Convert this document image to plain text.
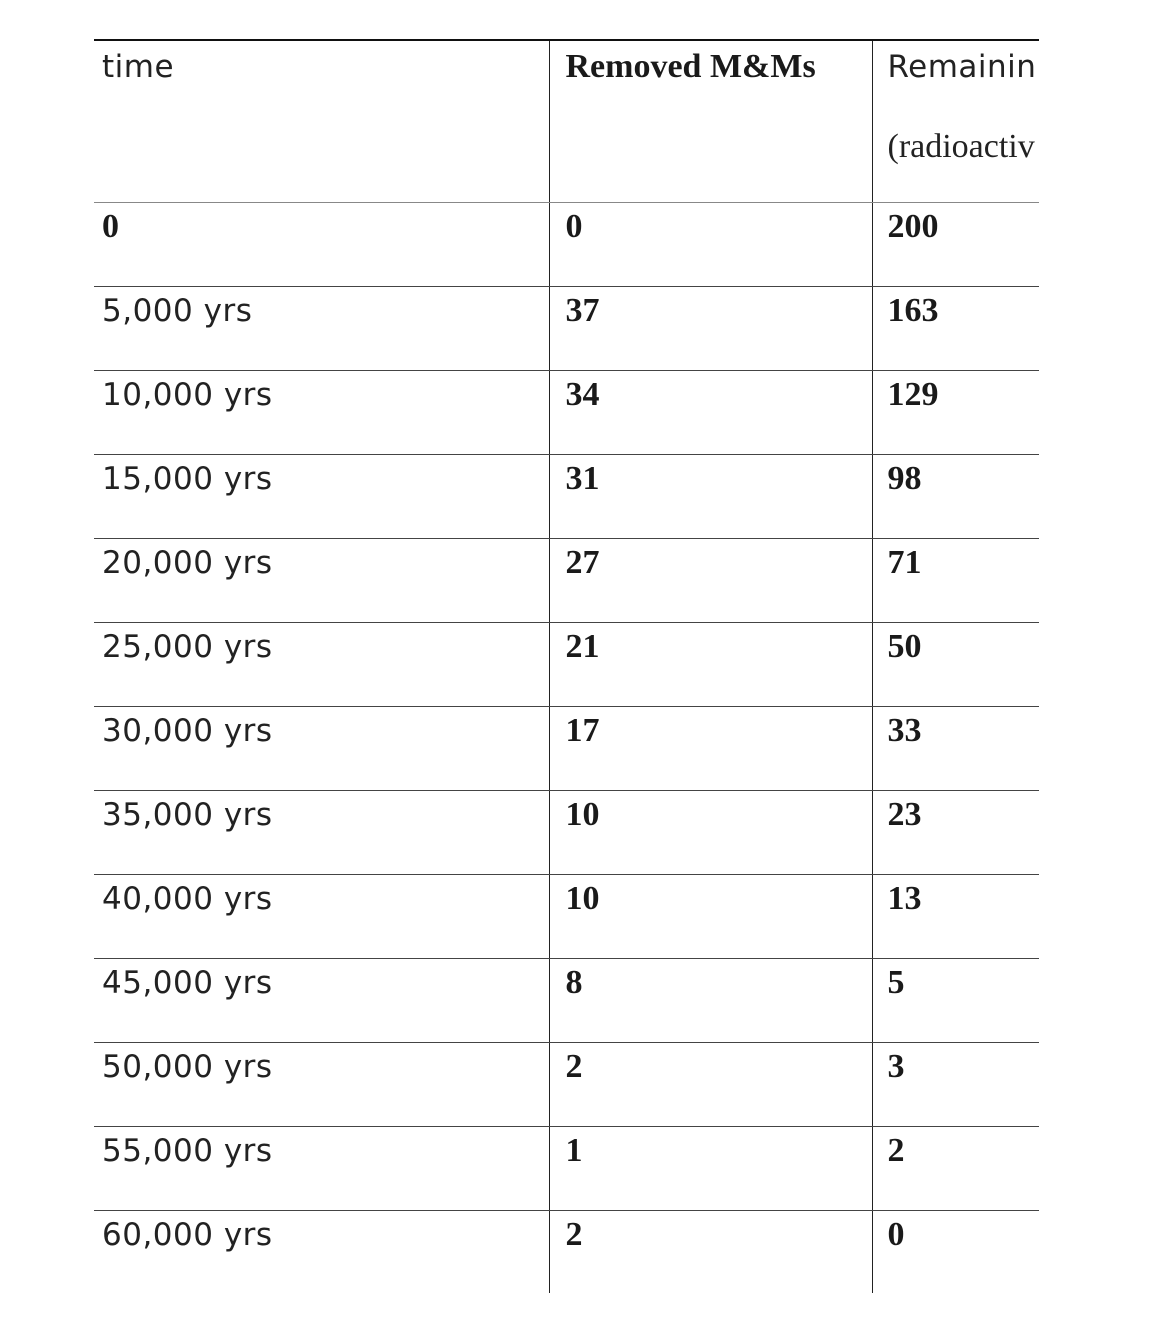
time	Removed M&Ms	Remainin
(radioactiv

0	0	200

5,000 yrs	37	163

10,000 yrs	34	129

15,000 yrs	31	98

20,000 yrs	27	71

25,000 yrs	21	50

30,000 yrs	17	33

35,000 yrs	10	23

40,000 yrs	10	13

45,000 yrs	8	5

50,000 yrs	2	3

55,000 yrs	1	2

60,000 yrs	2	0
